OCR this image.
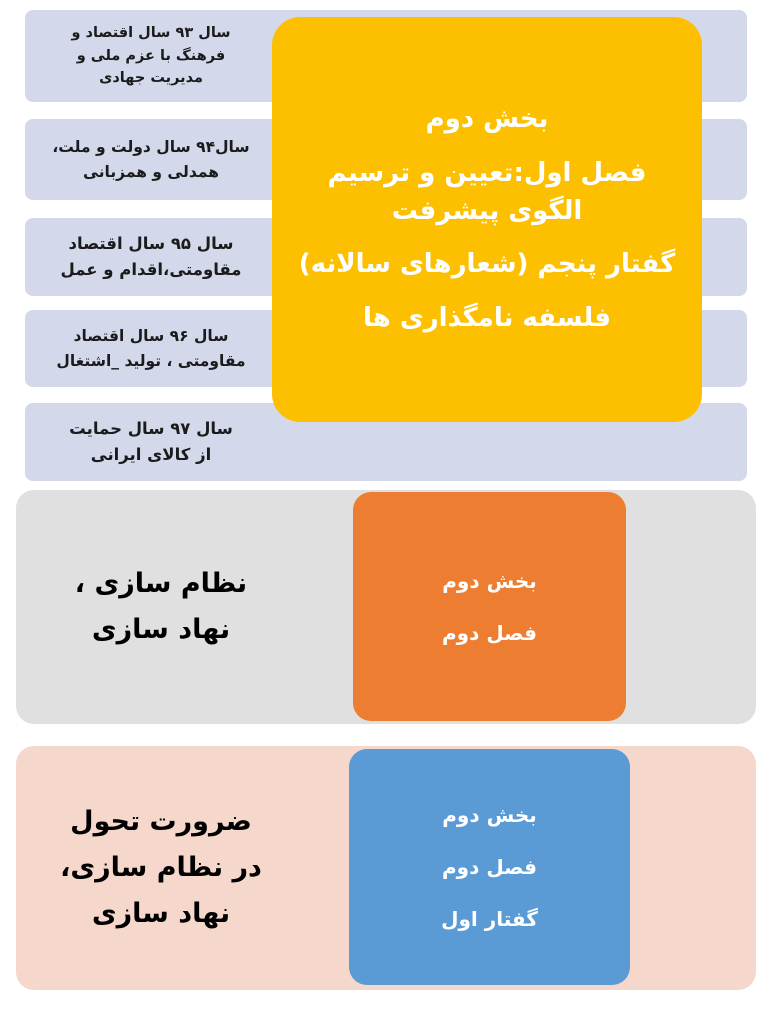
سال ۹۳ سال اقتصاد و
فرهنگ با عزم ملی و
مدیریت جهادی
سال۹۴ سال دولت و ملت،
همدلی و همزبانی
سال ۹۵ سال اقتصاد
مقاومتی،اقدام و عمل
سال ۹۶ سال اقتصاد
مقاومتی ، تولید _اشتغال
سال ۹۷ سال حمایت
از کالای ایرانی
بخش دوم
فصل اول:تعیین و ترسیم الگوی پیشرفت
گفتار پنجم (شعارهای سالانه)
فلسفه نامگذاری ها
نظام سازی ،
نهاد سازی
بخش دوم
فصل دوم
ضرورت تحول
در نظام سازی،
نهاد سازی
بخش دوم
فصل دوم
گفتار اول
